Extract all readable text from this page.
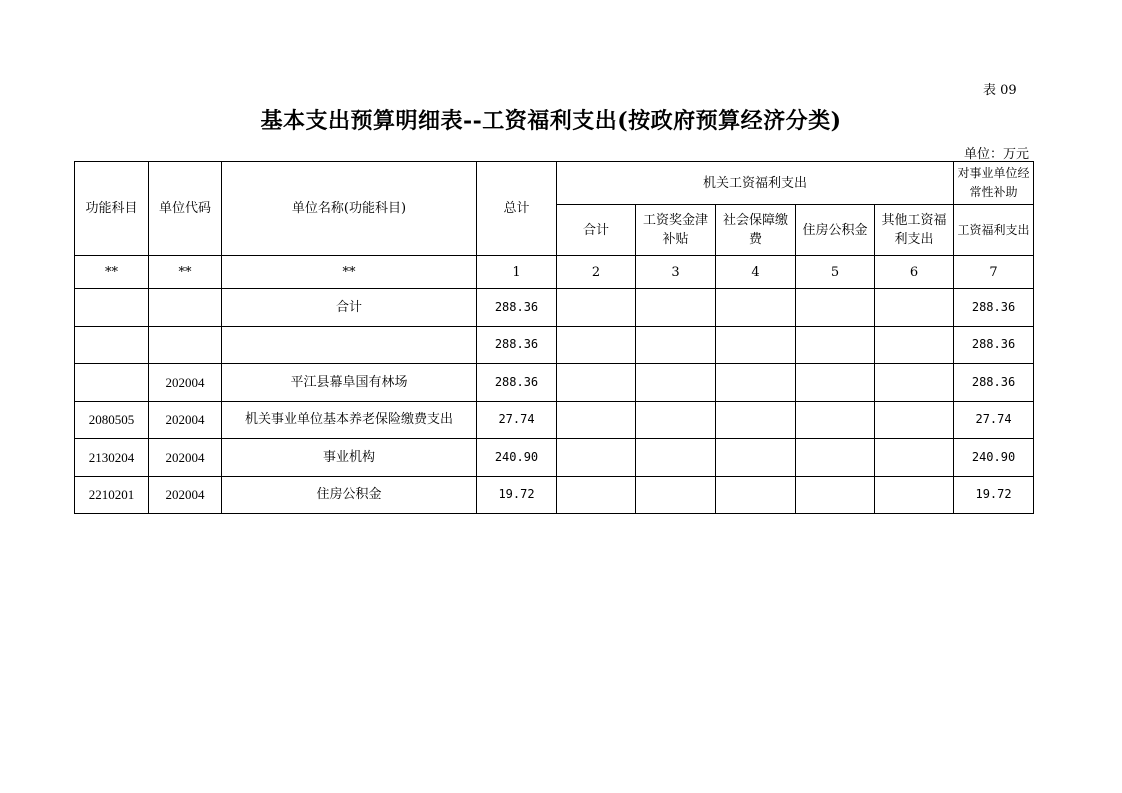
表 09
基本支出预算明细表--工资福利支出(按政府预算经济分类)
单位：万元
功能科目	单位代码	单位名称(功能科目)	总计	机关工资福利支出					对事业单位经常性补助
				合计	工资奖金津补贴	社会保障缴费	住房公积金	其他工资福利支出	工资福利支出
**	**	**	1	2	3	4	5	6	7
		合计	288.36						288.36
			288.36						288.36
	202004	平江县幕阜国有林场	288.36						288.36
2080505	202004	机关事业单位基本养老保险缴费支出	27.74						27.74
2130204	202004	事业机构	240.90						240.90
2210201	202004	住房公积金	19.72						19.72
